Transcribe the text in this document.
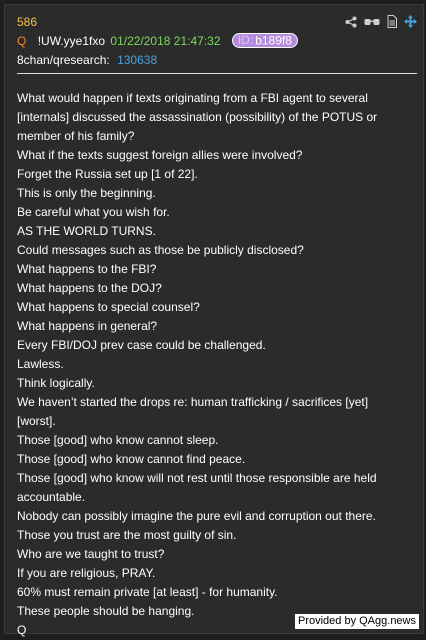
586
Q !UW.yye1fxo 01/22/2018 21:47:32 ID: b189f8
8chan/qresearch: 130638
What would happen if texts originating from a FBI agent to several [internals] discussed the assassination (possibility) of the POTUS or member of his family?
What if the texts suggest foreign allies were involved?
Forget the Russia set up [1 of 22].
This is only the beginning.
Be careful what you wish for.
AS THE WORLD TURNS.
Could messages such as those be publicly disclosed?
What happens to the FBI?
What happens to the DOJ?
What happens to special counsel?
What happens in general?
Every FBI/DOJ prev case could be challenged.
Lawless.
Think logically.
We haven’t started the drops re: human trafficking / sacrifices [yet] [worst].
Those [good] who know cannot sleep.
Those [good] who know cannot find peace.
Those [good] who know will not rest until those responsible are held accountable.
Nobody can possibly imagine the pure evil and corruption out there.
Those you trust are the most guilty of sin.
Who are we taught to trust?
If you are religious, PRAY.
60% must remain private [at least] - for humanity.
These people should be hanging.
Q
Provided by QAgg.news
